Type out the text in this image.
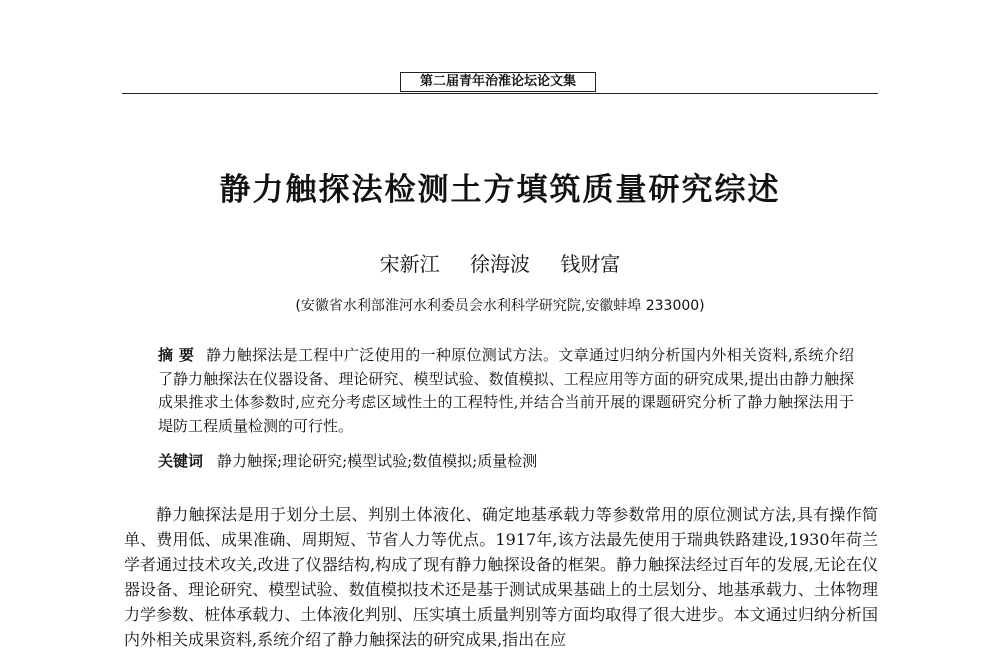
第二届青年治淮论坛论文集
静力触探法检测土方填筑质量研究综述
宋新江 徐海波 钱财富
(安徽省水利部淮河水利委员会水利科学研究院,安徽蚌埠 233000)
摘 要 静力触探法是工程中广泛使用的一种原位测试方法。文章通过归纳分析国内外相关资料,系统介绍了静力触探法在仪器设备、理论研究、模型试验、数值模拟、工程应用等方面的研究成果,提出由静力触探成果推求土体参数时,应充分考虑区域性土的工程特性,并结合当前开展的课题研究分析了静力触探法用于堤防工程质量检测的可行性。
关键词 静力触探;理论研究;模型试验;数值模拟;质量检测
静力触探法是用于划分土层、判别土体液化、确定地基承载力等参数常用的原位测试方法,具有操作简单、费用低、成果准确、周期短、节省人力等优点。1917年,该方法最先使用于瑞典铁路建设,1930年荷兰学者通过技术攻关,改进了仪器结构,构成了现有静力触探设备的框架。静力触探法经过百年的发展,无论在仪器设备、理论研究、模型试验、数值模拟技术还是基于测试成果基础上的土层划分、地基承载力、土体物理力学参数、桩体承载力、土体液化判别、压实填土质量判别等方面均取得了很大进步。本文通过归纳分析国内外相关成果资料,系统介绍了静力触探法的研究成果,指出在应
